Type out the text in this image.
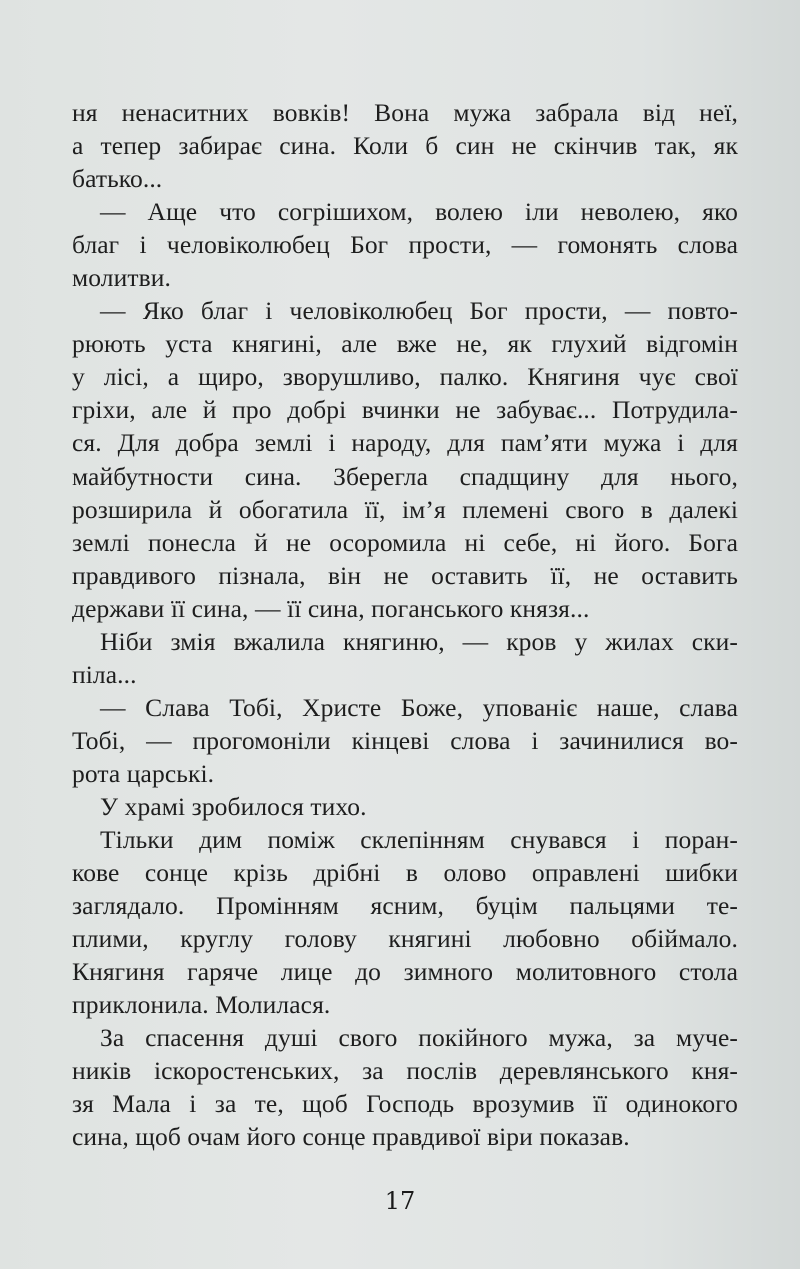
ня ненаситних вовків! Вона мужа забрала від неї,
а тепер забирає сина. Коли б син не скінчив так, як
батько...
— Аще что согрішихом, волею іли неволею, яко
благ і человіколюбец Бог прости, — гомонять слова
молитви.
— Яко благ і человіколюбец Бог прости, — повто-
рюють уста княгині, але вже не, як глухий відгомін
у лісі, а щиро, зворушливо, палко. Княгиня чує свої
гріхи, але й про добрі вчинки не забуває... Потрудила-
ся. Для добра землі і народу, для пам’яти мужа і для
майбутности сина. Зберегла спадщину для нього,
розширила й обогатила її, ім’я племені свого в далекі
землі понесла й не осоромила ні себе, ні його. Бога
правдивого пізнала, він не оставить її, не оставить
держави її сина, — її сина, поганського князя...
Ніби змія вжалила княгиню, — кров у жилах ски-
піла...
— Слава Тобі, Христе Боже, упованіє наше, слава
Тобі, — прогомоніли кінцеві слова і зачинилися во-
рота царські.
У храмі зробилося тихо.
Тільки дим поміж склепінням снувався і поран-
кове сонце крізь дрібні в олово оправлені шибки
заглядало. Промінням ясним, буцім пальцями те-
плими, круглу голову княгині любовно обіймало.
Княгиня гаряче лице до зимного молитовного стола
приклонила. Молилася.
За спасення душі свого покійного мужа, за муче-
ників іскоростенських, за послів деревлянського кня-
зя Мала і за те, щоб Господь врозумив її одинокого
сина, щоб очам його сонце правдивої віри показав.
17
